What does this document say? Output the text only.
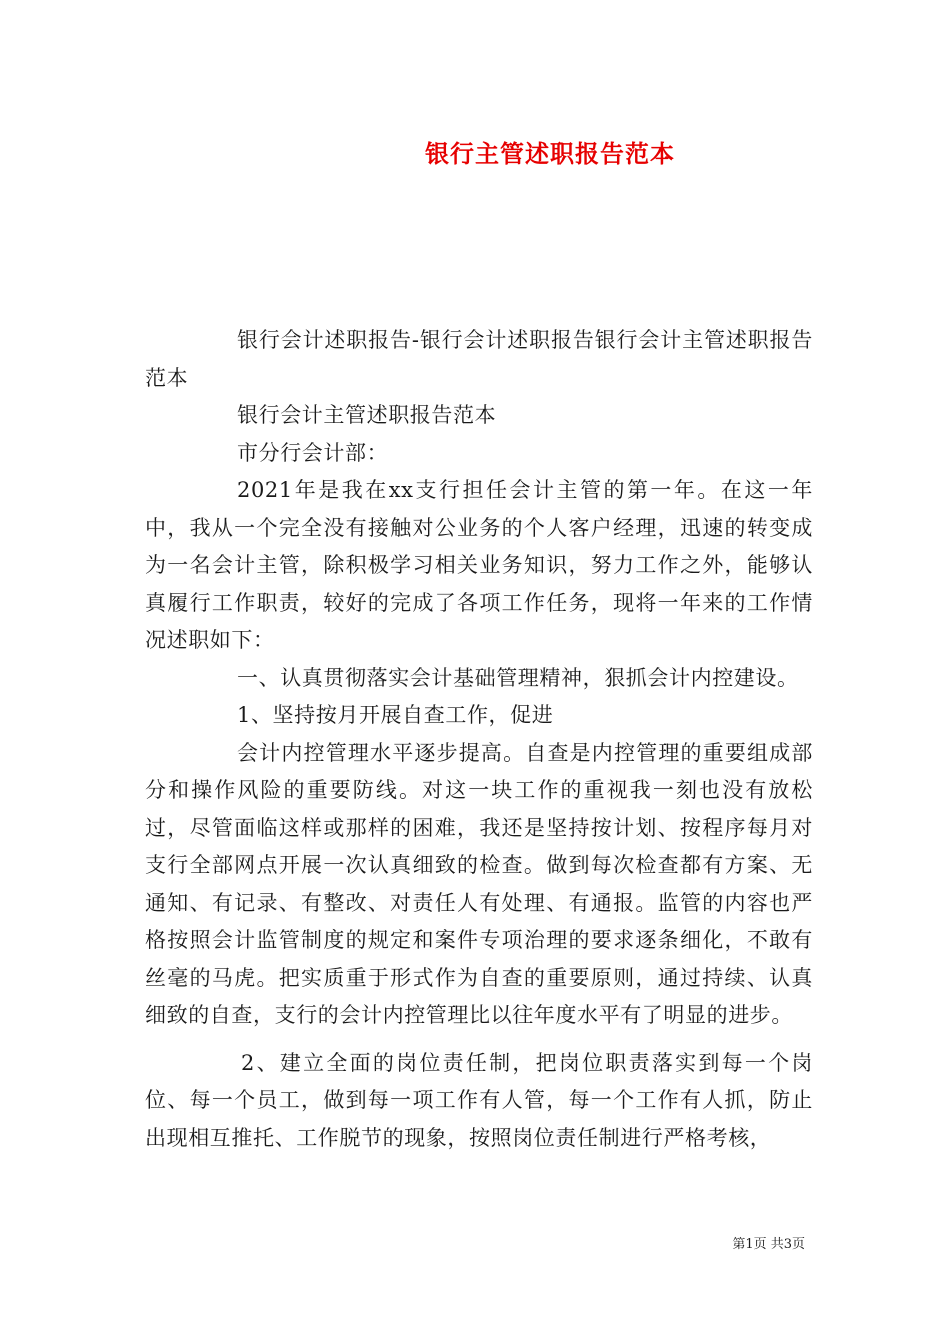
银行主管述职报告范本

银行会计述职报告-银行会计述职报告银行会计主管述职报告范本

银行会计主管述职报告范本

市分行会计部：

2021年是我在xx支行担任会计主管的第一年。在这一年中，我从一个完全没有接触对公业务的个人客户经理，迅速的转变成为一名会计主管，除积极学习相关业务知识，努力工作之外，能够认真履行工作职责，较好的完成了各项工作任务，现将一年来的工作情况述职如下：

一、认真贯彻落实会计基础管理精神，狠抓会计内控建设。

1、坚持按月开展自查工作，促进

会计内控管理水平逐步提高。自查是内控管理的重要组成部分和操作风险的重要防线。对这一块工作的重视我一刻也没有放松过，尽管面临这样或那样的困难，我还是坚持按计划、按程序每月对支行全部网点开展一次认真细致的检查。做到每次检查都有方案、无通知、有记录、有整改、对责任人有处理、有通报。监管的内容也严格按照会计监管制度的规定和案件专项治理的要求逐条细化，不敢有丝毫的马虎。把实质重于形式作为自查的重要原则，通过持续、认真细致的自查，支行的会计内控管理比以往年度水平有了明显的进步。

2、建立全面的岗位责任制，把岗位职责落实到每一个岗位、每一个员工，做到每一项工作有人管，每一个工作有人抓，防止出现相互推托、工作脱节的现象，按照岗位责任制进行严格考核，

第1页 共3页
